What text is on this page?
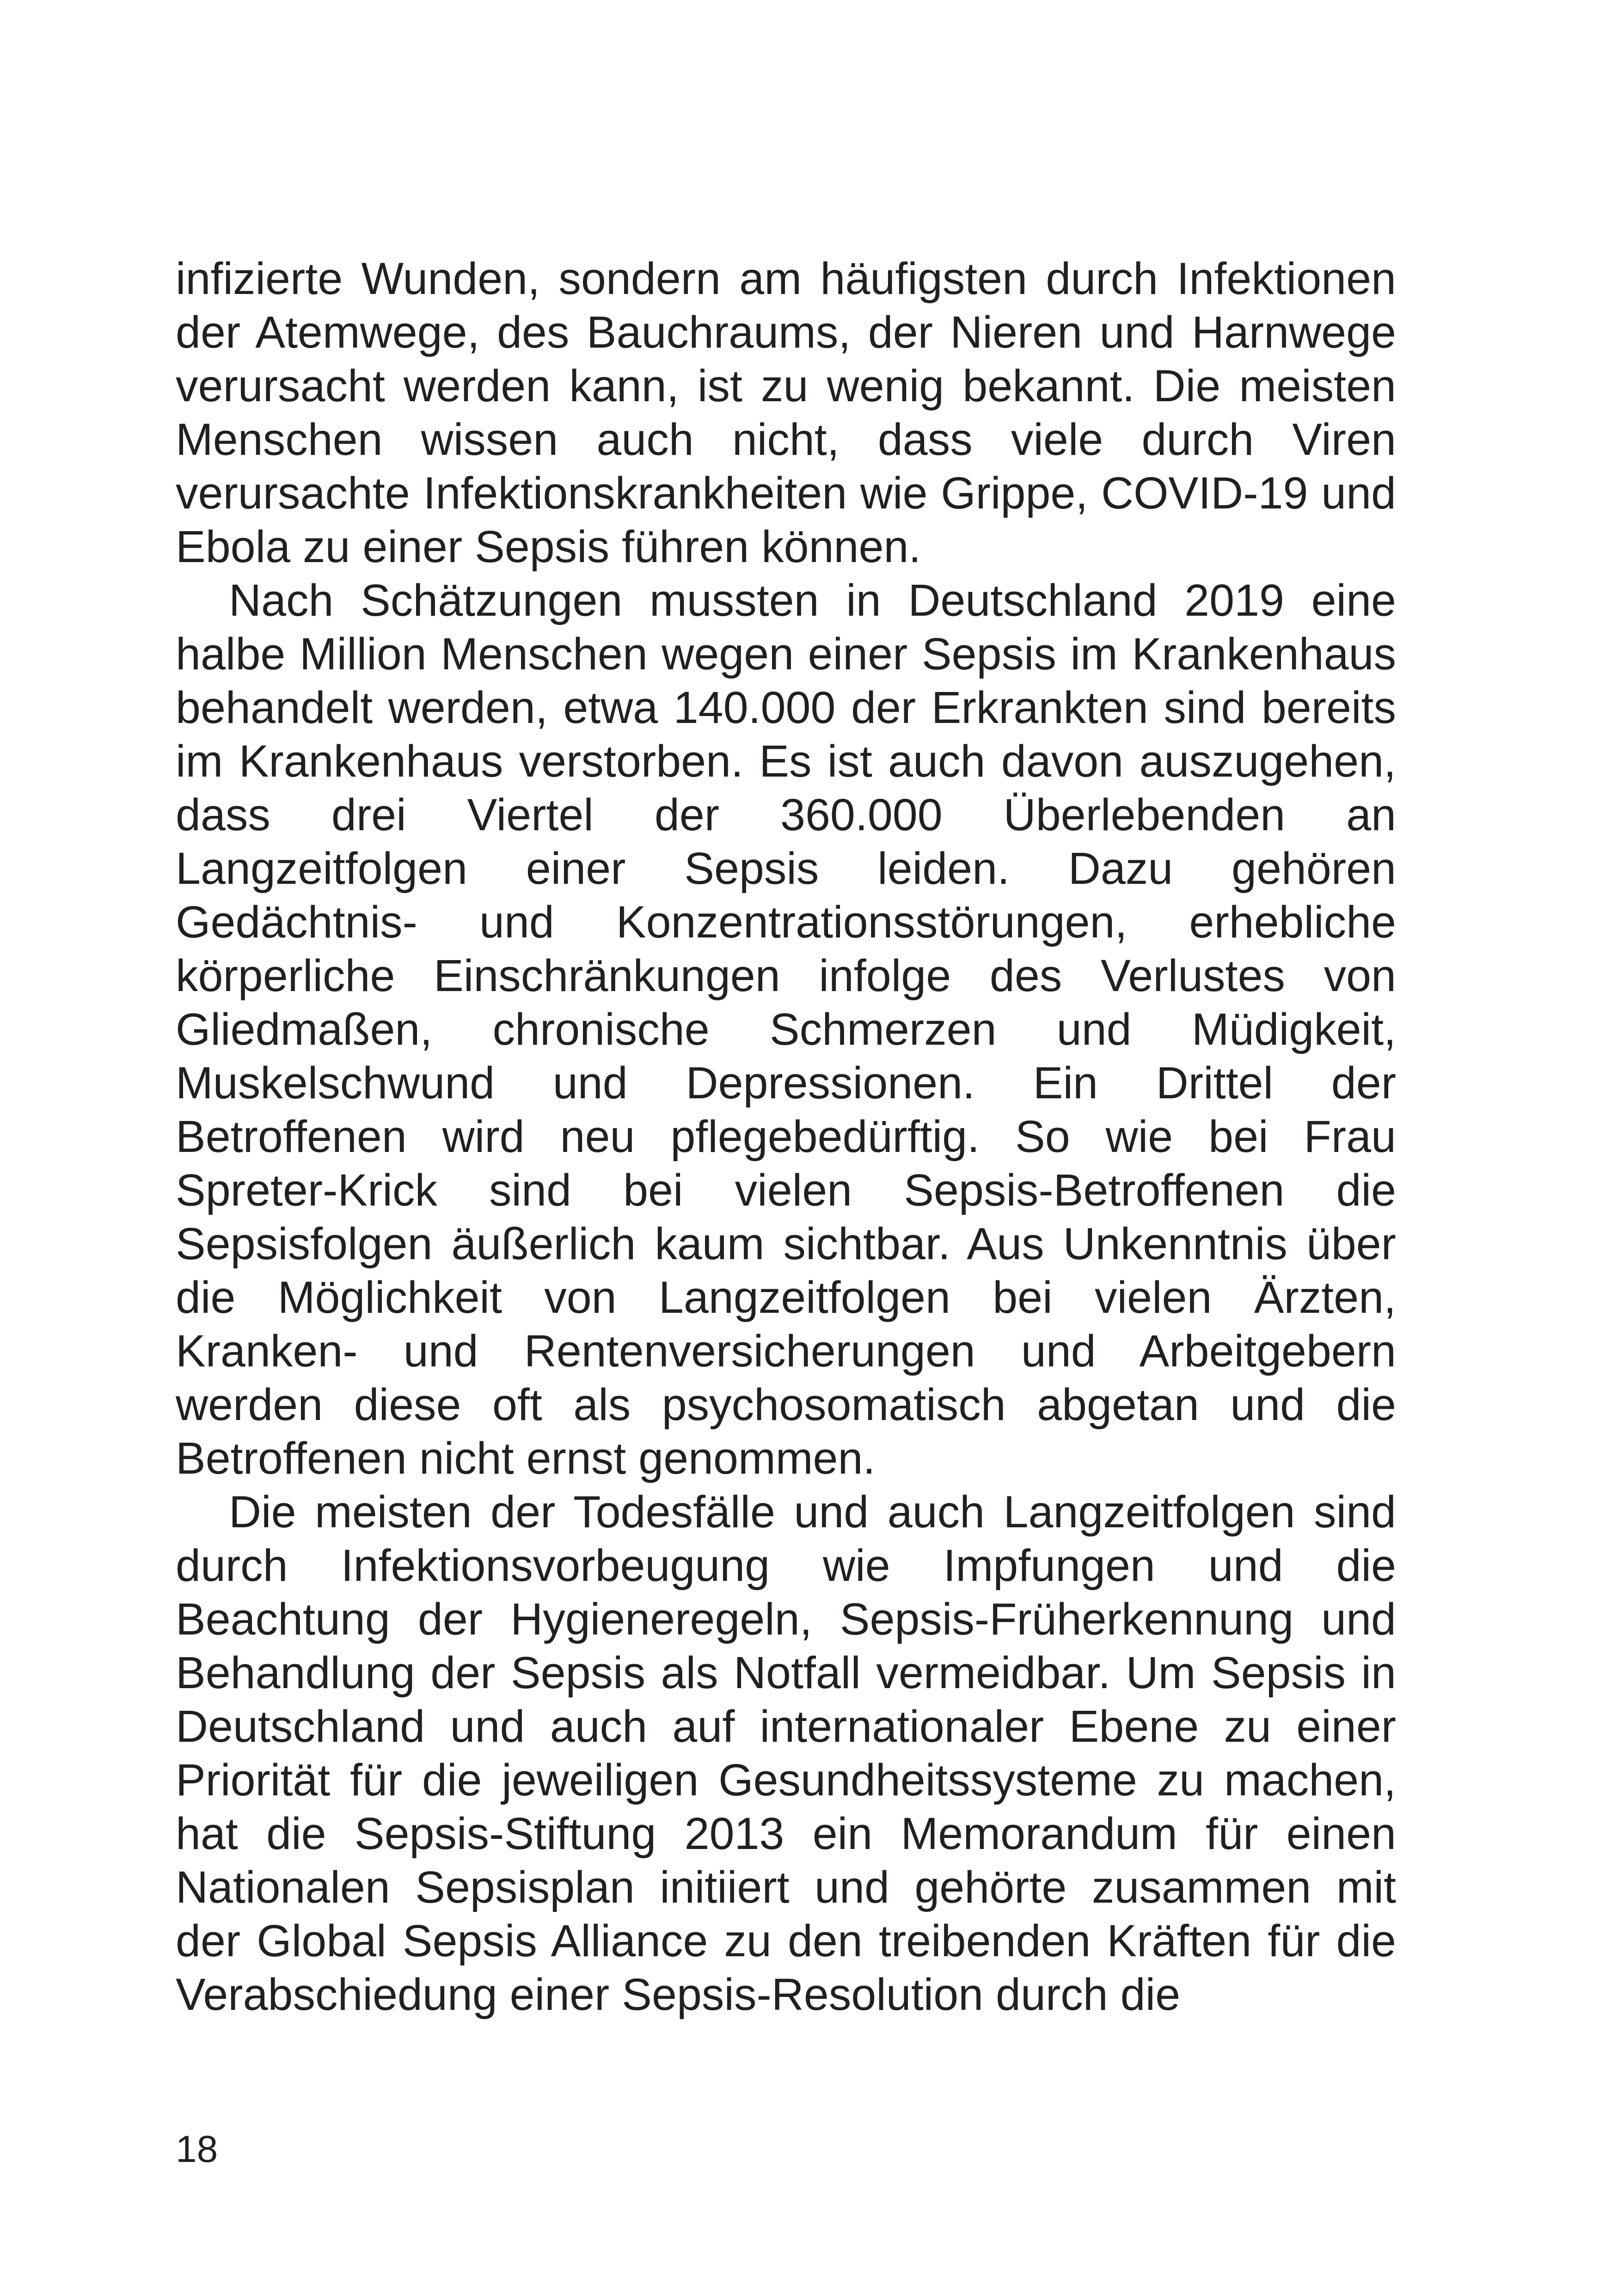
infizierte Wunden, sondern am häufigsten durch Infektionen der Atemwege, des Bauchraums, der Nieren und Harnwege verursacht werden kann, ist zu wenig bekannt. Die meisten Menschen wissen auch nicht, dass viele durch Viren verursachte Infektionskrankheiten wie Grippe, COVID-19 und Ebola zu einer Sepsis führen können.

Nach Schätzungen mussten in Deutschland 2019 eine halbe Million Menschen wegen einer Sepsis im Krankenhaus behandelt werden, etwa 140.000 der Erkrankten sind bereits im Krankenhaus verstorben. Es ist auch davon auszugehen, dass drei Viertel der 360.000 Überlebenden an Langzeitfolgen einer Sepsis leiden. Dazu gehören Gedächtnis- und Konzentrationsstörungen, erhebliche körperliche Einschränkungen infolge des Verlustes von Gliedmaßen, chronische Schmerzen und Müdigkeit, Muskelschwund und Depressionen. Ein Drittel der Betroffenen wird neu pflegebedürftig. So wie bei Frau Spreter-Krick sind bei vielen Sepsis-Betroffenen die Sepsisfolgen äußerlich kaum sichtbar. Aus Unkenntnis über die Möglichkeit von Langzeitfolgen bei vielen Ärzten, Kranken- und Rentenversicherungen und Arbeitgebern werden diese oft als psychosomatisch abgetan und die Betroffenen nicht ernst genommen.

Die meisten der Todesfälle und auch Langzeitfolgen sind durch Infektionsvorbeugung wie Impfungen und die Beachtung der Hygieneregeln, Sepsis-Früherkennung und Behandlung der Sepsis als Notfall vermeidbar. Um Sepsis in Deutschland und auch auf internationaler Ebene zu einer Priorität für die jeweiligen Gesundheitssysteme zu machen, hat die Sepsis-Stiftung 2013 ein Memorandum für einen Nationalen Sepsisplan initiiert und gehörte zusammen mit der Global Sepsis Alliance zu den treibenden Kräften für die Verabschiedung einer Sepsis-Resolution durch die

18
